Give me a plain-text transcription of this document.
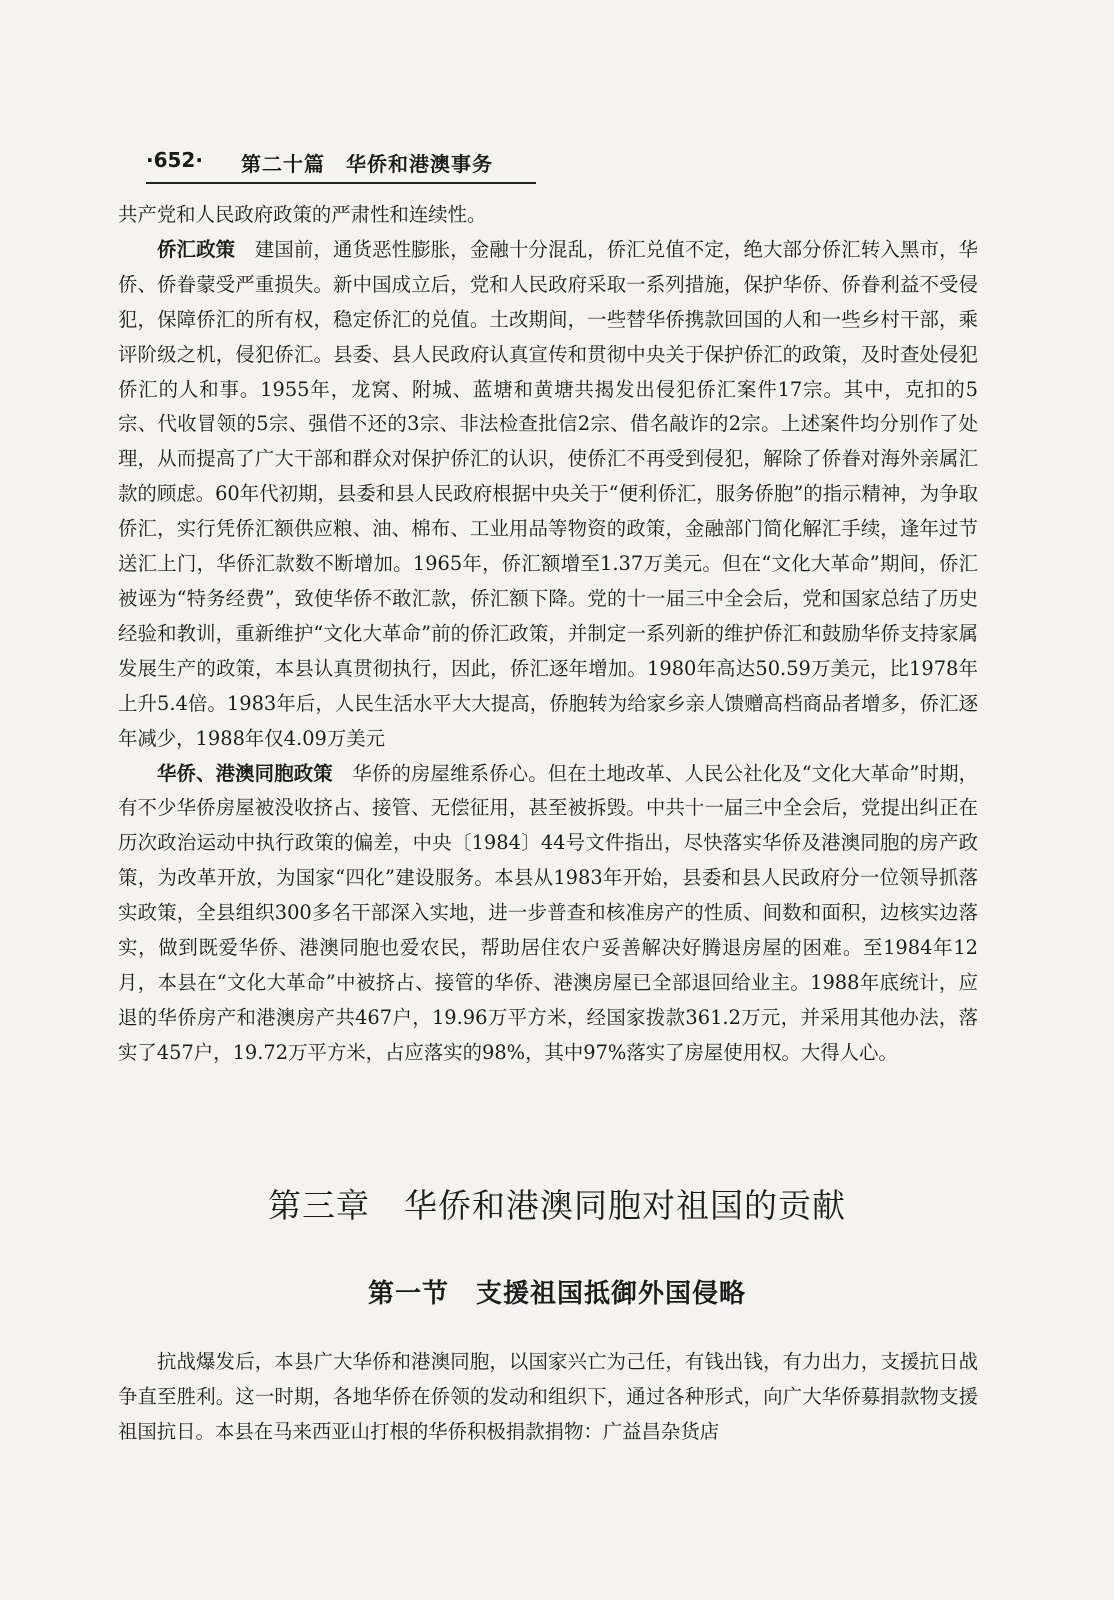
·652· 第二十篇　华侨和港澳事务

共产党和人民政府政策的严肃性和连续性。

侨汇政策　建国前，通货恶性膨胀，金融十分混乱，侨汇兑值不定，绝大部分侨汇转入黑市，华侨、侨眷蒙受严重损失。新中国成立后，党和人民政府采取一系列措施，保护华侨、侨眷利益不受侵犯，保障侨汇的所有权，稳定侨汇的兑值。土改期间，一些替华侨携款回国的人和一些乡村干部，乘评阶级之机，侵犯侨汇。县委、县人民政府认真宣传和贯彻中央关于保护侨汇的政策，及时查处侵犯侨汇的人和事。1955年，龙窝、附城、蓝塘和黄塘共揭发出侵犯侨汇案件17宗。其中，克扣的5宗、代收冒领的5宗、强借不还的3宗、非法检查批信2宗、借名敲诈的2宗。上述案件均分别作了处理，从而提高了广大干部和群众对保护侨汇的认识，使侨汇不再受到侵犯，解除了侨眷对海外亲属汇款的顾虑。60年代初期，县委和县人民政府根据中央关于“便利侨汇，服务侨胞”的指示精神，为争取侨汇，实行凭侨汇额供应粮、油、棉布、工业用品等物资的政策，金融部门简化解汇手续，逢年过节送汇上门，华侨汇款数不断增加。1965年，侨汇额增至1.37万美元。但在“文化大革命”期间，侨汇被诬为“特务经费”，致使华侨不敢汇款，侨汇额下降。党的十一届三中全会后，党和国家总结了历史经验和教训，重新维护“文化大革命”前的侨汇政策，并制定一系列新的维护侨汇和鼓励华侨支持家属发展生产的政策，本县认真贯彻执行，因此，侨汇逐年增加。1980年高达50.59万美元，比1978年上升5.4倍。1983年后，人民生活水平大大提高，侨胞转为给家乡亲人馈赠高档商品者增多，侨汇逐年减少，1988年仅4.09万美元

华侨、港澳同胞政策　华侨的房屋维系侨心。但在土地改革、人民公社化及“文化大革命”时期，有不少华侨房屋被没收挤占、接管、无偿征用，甚至被拆毁。中共十一届三中全会后，党提出纠正在历次政治运动中执行政策的偏差，中央〔1984〕44号文件指出，尽快落实华侨及港澳同胞的房产政策，为改革开放，为国家“四化”建设服务。本县从1983年开始，县委和县人民政府分一位领导抓落实政策，全县组织300多名干部深入实地，进一步普查和核准房产的性质、间数和面积，边核实边落实，做到既爱华侨、港澳同胞也爱农民，帮助居住农户妥善解决好腾退房屋的困难。至1984年12月，本县在“文化大革命”中被挤占、接管的华侨、港澳房屋已全部退回给业主。1988年底统计，应退的华侨房产和港澳房产共467户，19.96万平方米，经国家拨款361.2万元，并采用其他办法，落实了457户，19.72万平方米，占应落实的98%，其中97%落实了房屋使用权。大得人心。

第三章　华侨和港澳同胞对祖国的贡献
第一节　支援祖国抵御外国侵略

抗战爆发后，本县广大华侨和港澳同胞，以国家兴亡为己任，有钱出钱，有力出力，支援抗日战争直至胜利。这一时期，各地华侨在侨领的发动和组织下，通过各种形式，向广大华侨募捐款物支援祖国抗日。本县在马来西亚山打根的华侨积极捐款捐物：广益昌杂货店
